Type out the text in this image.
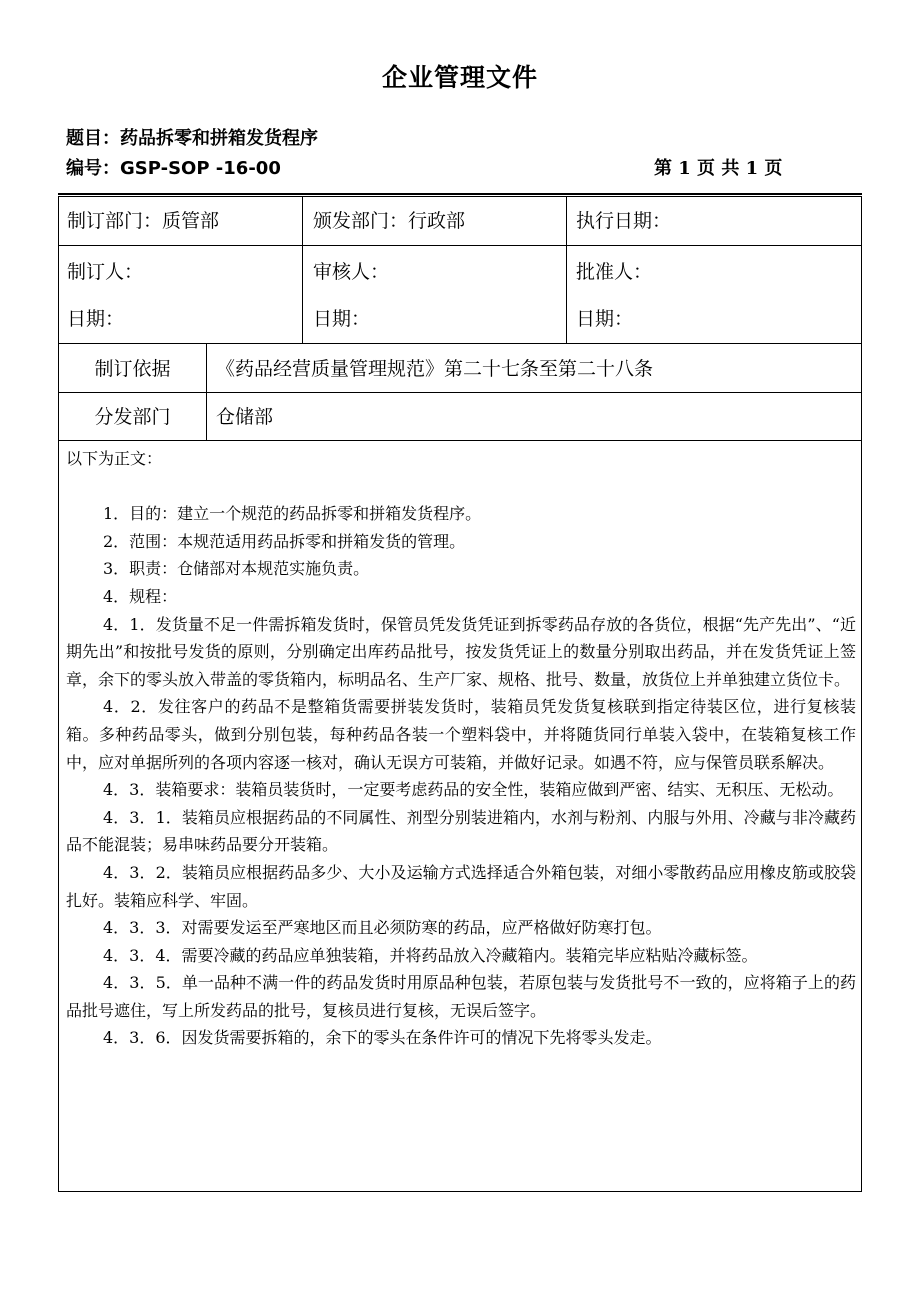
企业管理文件
题目：药品拆零和拼箱发货程序
编号：GSP-SOP -16-00	第 1 页 共 1 页
制订部门：质管部	颁发部门：行政部	执行日期：
制订人：	审核人：	批准人：
日期：	日期：	日期：
制订依据	《药品经营质量管理规范》第二十七条至第二十八条
分发部门	仓储部

以下为正文：

1．目的：建立一个规范的药品拆零和拼箱发货程序。

2．范围：本规范适用药品拆零和拼箱发货的管理。

3．职责：仓储部对本规范实施负责。

4．规程：

4．1．发货量不足一件需拆箱发货时，保管员凭发货凭证到拆零药品存放的各货位，根据“先产先出”、“近期先出”和按批号发货的原则，分别确定出库药品批号，按发货凭证上的数量分别取出药品，并在发货凭证上签章，余下的零头放入带盖的零货箱内，标明品名、生产厂家、规格、批号、数量，放货位上并单独建立货位卡。

4．2．发往客户的药品不是整箱货需要拼装发货时，装箱员凭发货复核联到指定待装区位，进行复核装箱。多种药品零头，做到分别包装，每种药品各装一个塑料袋中，并将随货同行单装入袋中，在装箱复核工作中，应对单据所列的各项内容逐一核对，确认无误方可装箱，并做好记录。如遇不符，应与保管员联系解决。

4．3．装箱要求：装箱员装货时，一定要考虑药品的安全性，装箱应做到严密、结实、无积压、无松动。

4．3．1．装箱员应根据药品的不同属性、剂型分别装进箱内，水剂与粉剂、内服与外用、冷藏与非冷藏药品不能混装；易串味药品要分开装箱。

4．3．2．装箱员应根据药品多少、大小及运输方式选择适合外箱包装，对细小零散药品应用橡皮筋或胶袋扎好。装箱应科学、牢固。

4．3．3．对需要发运至严寒地区而且必须防寒的药品，应严格做好防寒打包。

4．3．4．需要冷藏的药品应单独装箱，并将药品放入冷藏箱内。装箱完毕应粘贴冷藏标签。

4．3．5．单一品种不满一件的药品发货时用原品种包装，若原包装与发货批号不一致的，应将箱子上的药品批号遮住，写上所发药品的批号，复核员进行复核，无误后签字。

4．3．6．因发货需要拆箱的，余下的零头在条件许可的情况下先将零头发走。
